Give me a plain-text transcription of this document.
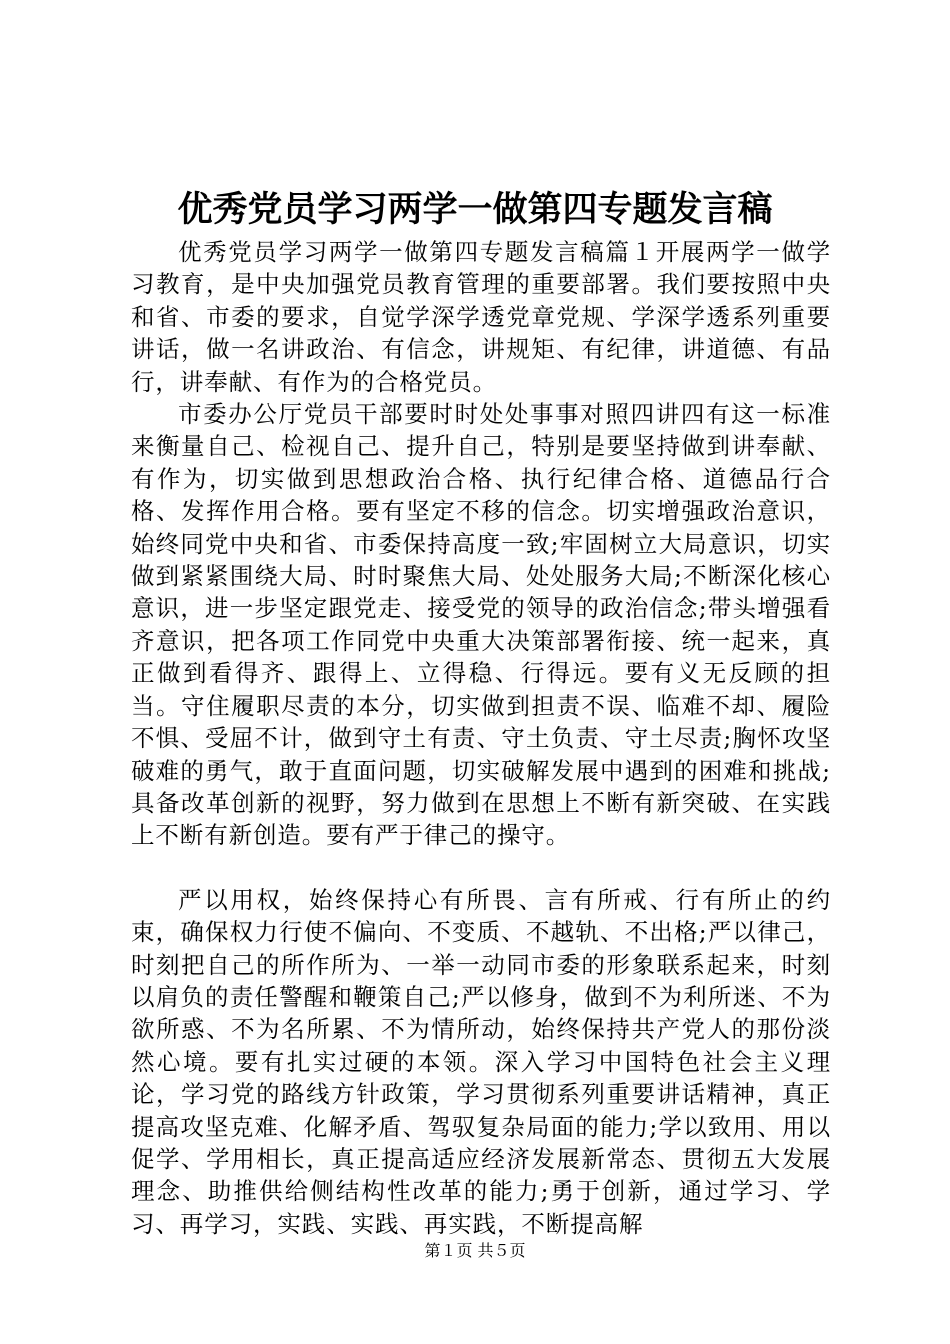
优秀党员学习两学一做第四专题发言稿

优秀党员学习两学一做第四专题发言稿篇１开展两学一做学习教育，是中央加强党员教育管理的重要部署。我们要按照中央和省、市委的要求，自觉学深学透党章党规、学深学透系列重要讲话，做一名讲政治、有信念，讲规矩、有纪律，讲道德、有品行，讲奉献、有作为的合格党员。

市委办公厅党员干部要时时处处事事对照四讲四有这一标准来衡量自己、检视自己、提升自己，特别是要坚持做到讲奉献、有作为，切实做到思想政治合格、执行纪律合格、道德品行合格、发挥作用合格。要有坚定不移的信念。切实增强政治意识，始终同党中央和省、市委保持高度一致;牢固树立大局意识，切实做到紧紧围绕大局、时时聚焦大局、处处服务大局;不断深化核心意识，进一步坚定跟党走、接受党的领导的政治信念;带头增强看齐意识，把各项工作同党中央重大决策部署衔接、统一起来，真正做到看得齐、跟得上、立得稳、行得远。要有义无反顾的担当。守住履职尽责的本分，切实做到担责不误、临难不却、履险不惧、受屈不计，做到守土有责、守土负责、守土尽责;胸怀攻坚破难的勇气，敢于直面问题，切实破解发展中遇到的困难和挑战;具备改革创新的视野，努力做到在思想上不断有新突破、在实践上不断有新创造。要有严于律己的操守。

严以用权，始终保持心有所畏、言有所戒、行有所止的约束，确保权力行使不偏向、不变质、不越轨、不出格;严以律己，时刻把自己的所作所为、一举一动同市委的形象联系起来，时刻以肩负的责任警醒和鞭策自己;严以修身，做到不为利所迷、不为欲所惑、不为名所累、不为情所动，始终保持共产党人的那份淡然心境。要有扎实过硬的本领。深入学习中国特色社会主义理论，学习党的路线方针政策，学习贯彻系列重要讲话精神，真正提高攻坚克难、化解矛盾、驾驭复杂局面的能力;学以致用、用以促学、学用相长，真正提高适应经济发展新常态、贯彻五大发展理念、助推供给侧结构性改革的能力;勇于创新，通过学习、学习、再学习，实践、实践、再实践，不断提高解

第１页 共５页
